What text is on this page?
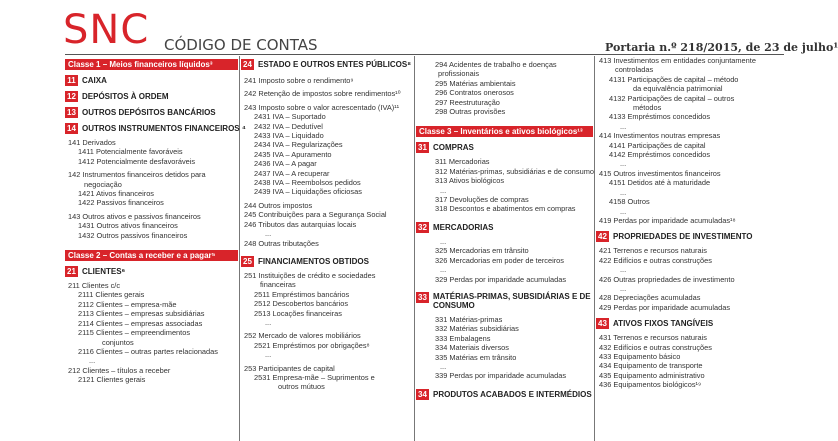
SNC CÓDIGO DE CONTAS	Portaria n.º 218/2015, de 23 de julho¹
Classe 1 – Meios financeiros líquidos³
11 CAIXA
12 DEPÓSITOS À ORDEM
13 OUTROS DEPÓSITOS BANCÁRIOS
14 OUTROS INSTRUMENTOS FINANCEIROS ⁴
141 Derivados
1411 Potencialmente favoráveis
1412 Potencialmente desfavoráveis
142 Instrumentos financeiros detidos para
negociação
1421 Ativos financeiros
1422 Passivos financeiros
143 Outros ativos e passivos financeiros
1431 Outros ativos financeiros
1432 Outros passivos financeiros
Classe 2 – Contas a receber e a pagar⁵
21 CLIENTES⁶
211 Clientes c/c
2111 Clientes gerais
2112 Clientes – empresa-mãe
2113 Clientes – empresas subsidiárias
2114 Clientes – empresas associadas
2115 Clientes – empreendimentos
conjuntos
2116 Clientes – outras partes relacionadas
...
212 Clientes – títulos a receber
2121 Clientes gerais
24 ESTADO E OUTROS ENTES PÚBLICOS⁸
241 Imposto sobre o rendimento⁹
242 Retenção de impostos sobre rendimentos¹⁰
243 Imposto sobre o valor acrescentado (IVA)¹¹
2431 IVA – Suportado
2432 IVA – Dedutível
2433 IVA – Liquidado
2434 IVA – Regularizações
2435 IVA – Apuramento
2436 IVA – A pagar
2437 IVA – A recuperar
2438 IVA – Reembolsos pedidos
2439 IVA – Liquidações oficiosas
244 Outros impostos
245 Contribuições para a Segurança Social
246 Tributos das autarquias locais
...
248 Outras tributações
25 FINANCIAMENTOS OBTIDOS
251 Instituições de crédito e sociedades
financeiras
2511 Empréstimos bancários
2512 Descobertos bancários
2513 Locações financeiras
...
252 Mercado de valores mobiliários
2521 Empréstimos por obrigações⁸
...
253 Participantes de capital
2531 Empresa-mãe – Suprimentos e
outros mútuos
294 Acidentes de trabalho e doenças
profissionais
295 Matérias ambientais
296 Contratos onerosos
297 Reestruturação
298 Outras provisões
Classe 3 – Inventários e ativos biológicos¹³
31 COMPRAS
311 Mercadorias
312 Matérias-primas, subsidiárias e de consumo
313 Ativos biológicos
...
317 Devoluções de compras
318 Descontos e abatimentos em compras
32 MERCADORIAS
...
325 Mercadorias em trânsito
326 Mercadorias em poder de terceiros
...
329 Perdas por imparidade acumuladas
33 MATÉRIAS-PRIMAS, SUBSIDIÁRIAS E DE CONSUMO
331 Matérias-primas
332 Matérias subsidiárias
333 Embalagens
334 Materiais diversos
335 Matérias em trânsito
...
339 Perdas por imparidade acumuladas
34 PRODUTOS ACABADOS E INTERMÉDIOS
413 Investimentos em entidades conjuntamente
controladas
4131 Participações de capital – método
da equivalência patrimonial
4132 Participações de capital – outros
métodos
4133 Empréstimos concedidos
...
414 Investimentos noutras empresas
4141 Participações de capital
4142 Empréstimos concedidos
...
415 Outros investimentos financeiros
4151 Detidos até à maturidade
...
4158 Outros
...
419 Perdas por imparidade acumuladas¹⁸
42 PROPRIEDADES DE INVESTIMENTO
421 Terrenos e recursos naturais
422 Edifícios e outras construções
...
426 Outras propriedades de investimento
...
428 Depreciações acumuladas
429 Perdas por imparidade acumuladas
43 ATIVOS FIXOS TANGÍVEIS
431 Terrenos e recursos naturais
432 Edifícios e outras construções
433 Equipamento básico
434 Equipamento de transporte
435 Equipamento administrativo
436 Equipamentos biológicos¹⁹
